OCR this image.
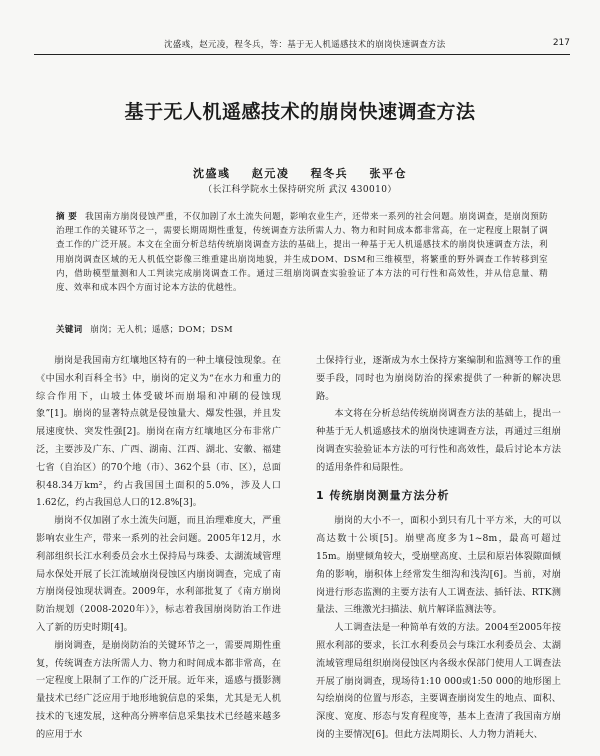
沈盛彧，赵元凌，程冬兵，等：基于无人机遥感技术的崩岗快速调查方法	217
基于无人机遥感技术的崩岗快速调查方法
沈盛彧 赵元凌 程冬兵 张平仓
（长江科学院水土保持研究所 武汉 430010）
摘 要 我国南方崩岗侵蚀严重，不仅加剧了水土流失问题，影响农业生产，还带来一系列的社会问题。崩岗调查，是崩岗预防治理工作的关键环节之一，需要长期周期性重复，传统调查方法所需人力、物力和时间成本都非常高，在一定程度上限制了调查工作的广泛开展。本文在全面分析总结传统崩岗调查方法的基础上，提出一种基于无人机遥感技术的崩岗快速调查方法，利用崩岗调查区域的无人机低空影像三维重建出崩岗地貌，并生成DOM、DSM和三维模型，将繁重的野外调查工作转移到室内，借助模型量测和人工判读完成崩岗调查工作。通过三组崩岗调查实验验证了本方法的可行性和高效性，并从信息量、精度、效率和成本四个方面讨论本方法的优越性。
关键词 崩岗；无人机；遥感；DOM；DSM

崩岗是我国南方红壤地区特有的一种土壤侵蚀现象。在《中国水利百科全书》中，崩岗的定义为“在水力和重力的综合作用下，山坡土体受破坏而崩塌和冲刷的侵蚀现象”[1]。崩岗的显著特点就是侵蚀量大、爆发性强，并且发展速度快、突发性强[2]。崩岗在南方红壤地区分布非常广泛，主要涉及广东、广西、湖南、江西、湖北、安徽、福建七省（自治区）的70个地（市）、362个县（市、区），总面积48.34万km²，约占我国国土面积的5.0%，涉及人口1.62亿，约占我国总人口的12.8%[3]。

崩岗不仅加剧了水土流失问题，而且治理难度大，严重影响农业生产，带来一系列的社会问题。2005年12月，水利部组织长江水利委员会水土保持局与珠委、太湖流域管理局水保处开展了长江流域崩岗侵蚀区内崩岗调查，完成了南方崩岗侵蚀现状调查。2009年，水利部批复了《南方崩岗防治规划（2008-2020年）》，标志着我国崩岗防治工作进入了新的历史时期[4]。

崩岗调查，是崩岗防治的关键环节之一，需要周期性重复，传统调查方法所需人力、物力和时间成本都非常高，在一定程度上限制了工作的广泛开展。近年来，遥感与摄影测量技术已经广泛应用于地形地貌信息的采集，尤其是无人机技术的飞速发展，这种高分辨率信息采集技术已经越来越多的应用于水

土保持行业，逐渐成为水土保持方案编制和监测等工作的重要手段，同时也为崩岗防治的探索提供了一种新的解决思路。

本文将在分析总结传统崩岗调查方法的基础上，提出一种基于无人机遥感技术的崩岗快速调查方法，再通过三组崩岗调查实验验证本方法的可行性和高效性，最后讨论本方法的适用条件和局限性。

1 传统崩岗测量方法分析

崩岗的大小不一，面积小到只有几十平方米，大的可以高达数十公顷[5]。崩壁高度多为1~8m，最高可超过15m。崩壁倾角较大，受崩壁高度、土层和原岩体裂隙面倾角的影响，崩积体上经常发生细沟和浅沟[6]。当前，对崩岗进行形态监测的主要方法有人工调查法、插钎法、RTK测量法、三维激光扫描法、航片解译监测法等。

人工调查法是一种简单有效的方法。2004至2005年按照水利部的要求，长江水利委员会与珠江水利委员会、太湖流域管理局组织崩岗侵蚀区内各级水保部门使用人工调查法开展了崩岗调查，现场待1:10 000或1:50 000的地形图上勾绘崩岗的位置与形态，主要调查崩岗发生的地点、面积、深度、宽度、形态与发育程度等，基本上查清了我国南方崩岗的主要情况[6]。但此方法周期长、人力物力消耗大、
